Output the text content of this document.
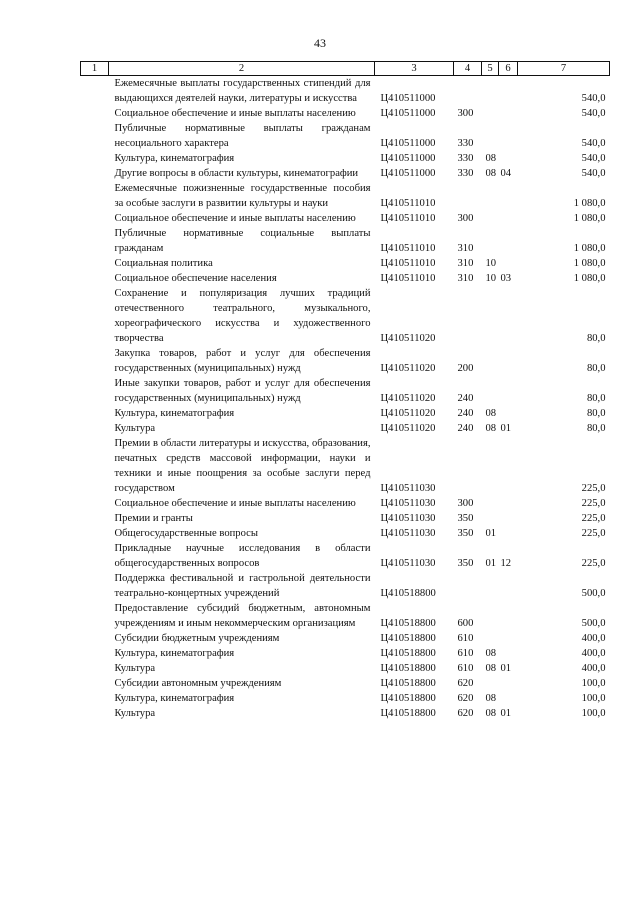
43
1	2	3	4	5	6	7
	Ежемесячные выплаты государственных стипендий для выдающихся деятелей науки, литературы и искусства	Ц410511000				540,0
	Социальное обеспечение и иные выплаты населению	Ц410511000	300			540,0
	Публичные нормативные выплаты гражданам несоциального характера	Ц410511000	330			540,0
	Культура, кинематография	Ц410511000	330	08		540,0
	Другие вопросы в области культуры, кинематографии	Ц410511000	330	08	04	540,0
	Ежемесячные пожизненные государственные пособия за особые заслуги в развитии культуры и науки	Ц410511010				1 080,0
	Социальное обеспечение и иные выплаты населению	Ц410511010	300			1 080,0
	Публичные нормативные социальные выплаты гражданам	Ц410511010	310			1 080,0
	Социальная политика	Ц410511010	310	10		1 080,0
	Социальное обеспечение населения	Ц410511010	310	10	03	1 080,0
	Сохранение и популяризация лучших традиций отечественного театрального, музыкального, хореографического искусства и художественного творчества	Ц410511020				80,0
	Закупка товаров, работ и услуг для обеспечения государственных (муниципальных) нужд	Ц410511020	200			80,0
	Иные закупки товаров, работ и услуг для обеспечения государственных (муниципальных) нужд	Ц410511020	240			80,0
	Культура, кинематография	Ц410511020	240	08		80,0
	Культура	Ц410511020	240	08	01	80,0
	Премии в области литературы и искусства, образования, печатных средств массовой информации, науки и техники и иные поощрения за особые заслуги перед государством	Ц410511030				225,0
	Социальное обеспечение и иные выплаты населению	Ц410511030	300			225,0
	Премии и гранты	Ц410511030	350			225,0
	Общегосударственные вопросы	Ц410511030	350	01		225,0
	Прикладные научные исследования в области общегосударственных вопросов	Ц410511030	350	01	12	225,0
	Поддержка фестивальной и гастрольной деятельности театрально-концертных учреждений	Ц410518800				500,0
	Предоставление субсидий бюджетным, автономным учреждениям и иным некоммерческим организациям	Ц410518800	600			500,0
	Субсидии бюджетным учреждениям	Ц410518800	610			400,0
	Культура, кинематография	Ц410518800	610	08		400,0
	Культура	Ц410518800	610	08	01	400,0
	Субсидии автономным учреждениям	Ц410518800	620			100,0
	Культура, кинематография	Ц410518800	620	08		100,0
	Культура	Ц410518800	620	08	01	100,0
